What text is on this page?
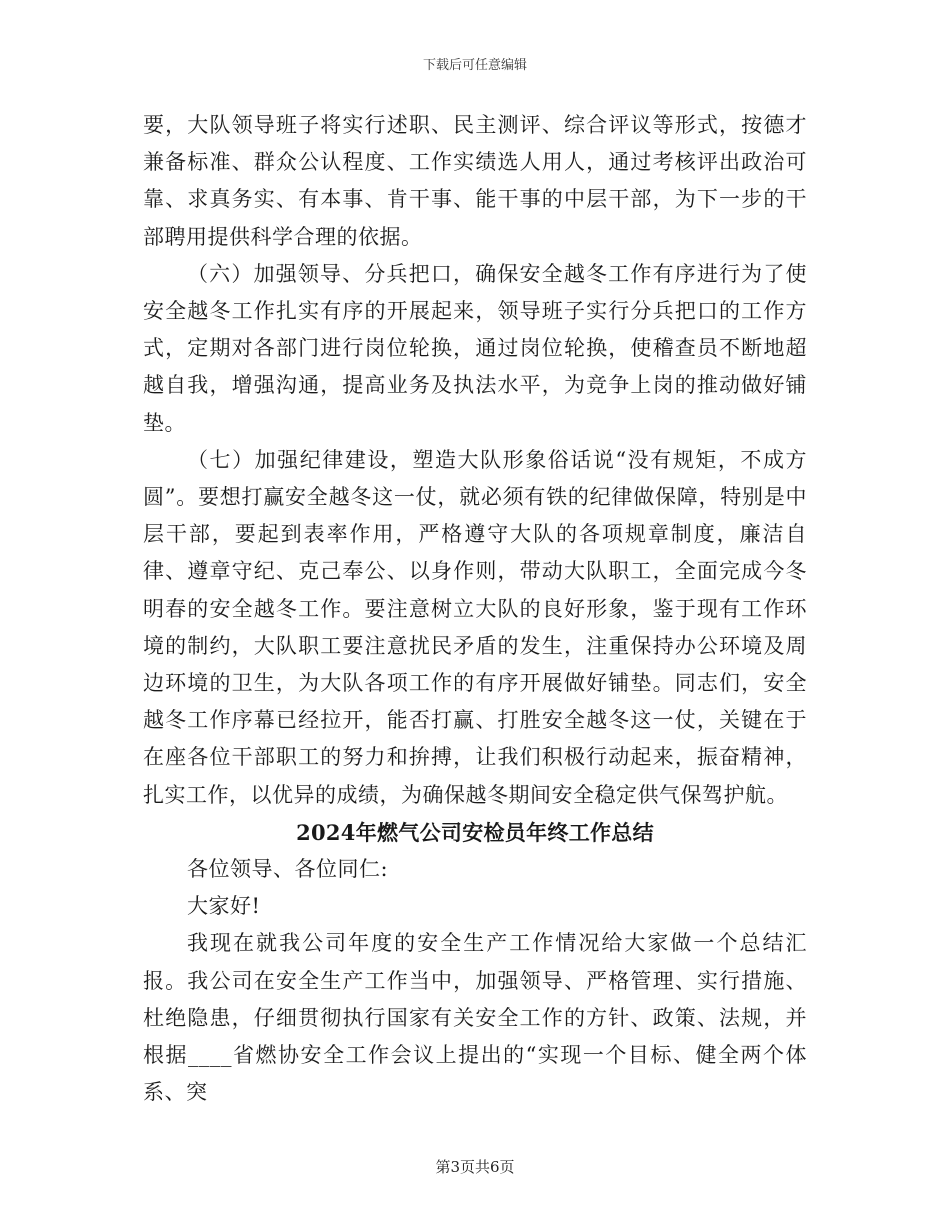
下载后可任意编辑

要，大队领导班子将实行述职、民主测评、综合评议等形式，按德才兼备标准、群众公认程度、工作实绩选人用人，通过考核评出政治可靠、求真务实、有本事、肯干事、能干事的中层干部，为下一步的干部聘用提供科学合理的依据。

（六）加强领导、分兵把口，确保安全越冬工作有序进行为了使安全越冬工作扎实有序的开展起来，领导班子实行分兵把口的工作方式，定期对各部门进行岗位轮换，通过岗位轮换，使稽查员不断地超越自我，增强沟通，提高业务及执法水平，为竞争上岗的推动做好铺垫。

（七）加强纪律建设，塑造大队形象俗话说“没有规矩，不成方圆”。要想打赢安全越冬这一仗，就必须有铁的纪律做保障，特别是中层干部，要起到表率作用，严格遵守大队的各项规章制度，廉洁自律、遵章守纪、克己奉公、以身作则，带动大队职工，全面完成今冬明春的安全越冬工作。要注意树立大队的良好形象，鉴于现有工作环境的制约，大队职工要注意扰民矛盾的发生，注重保持办公环境及周边环境的卫生，为大队各项工作的有序开展做好铺垫。同志们，安全越冬工作序幕已经拉开，能否打赢、打胜安全越冬这一仗，关键在于在座各位干部职工的努力和拚搏，让我们积极行动起来，振奋精神，扎实工作，以优异的成绩，为确保越冬期间安全稳定供气保驾护航。

2024年燃气公司安检员年终工作总结

各位领导、各位同仁:

大家好!

我现在就我公司年度的安全生产工作情况给大家做一个总结汇报。我公司在安全生产工作当中，加强领导、严格管理、实行措施、杜绝隐患，仔细贯彻执行国家有关安全工作的方针、政策、法规，并根据____省燃协安全工作会议上提出的“实现一个目标、健全两个体系、突

第3页共6页
